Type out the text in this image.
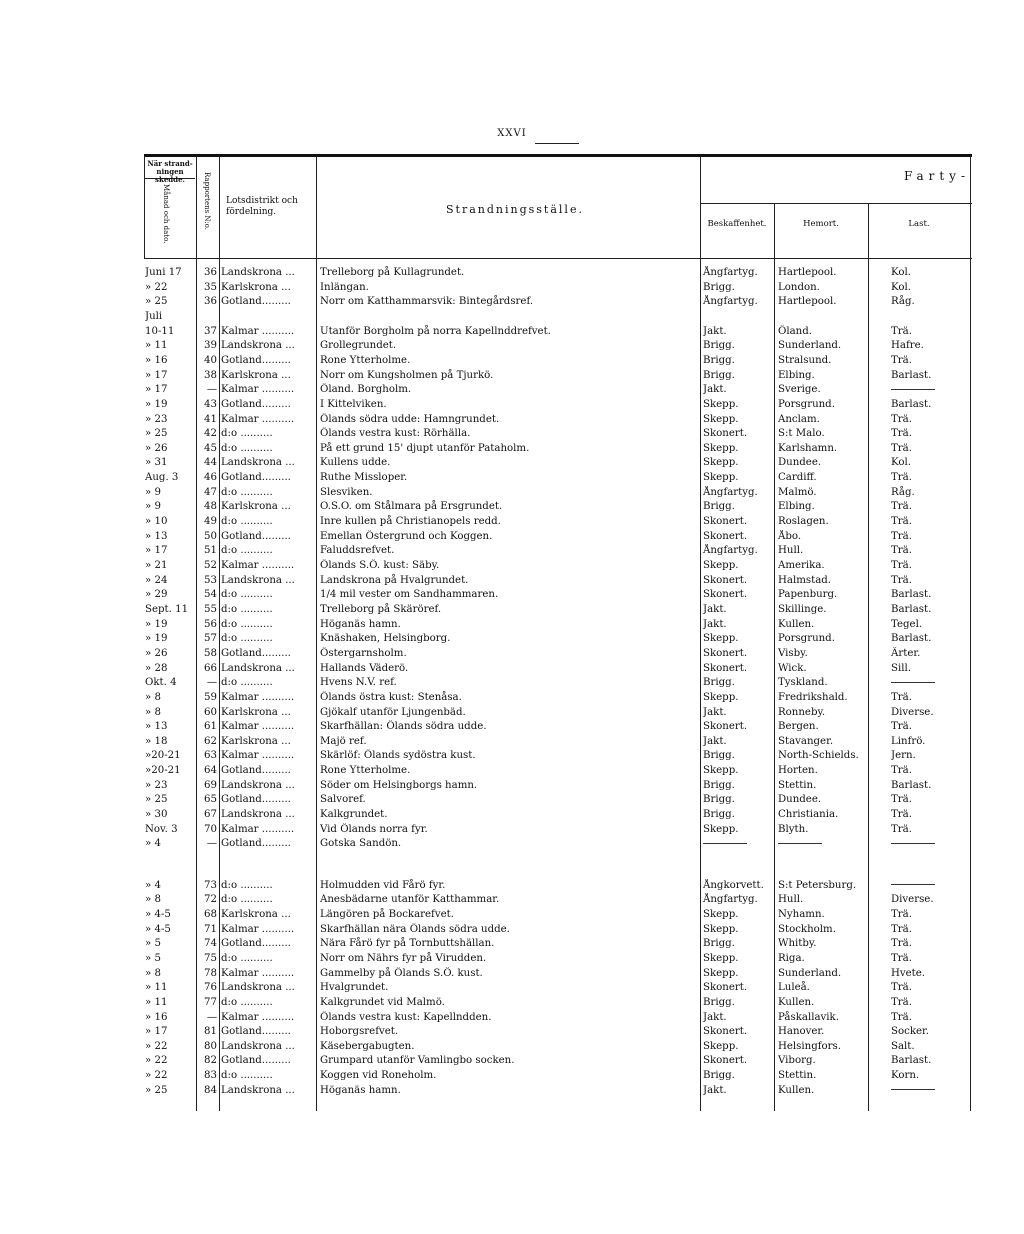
XXVI
När strand-ningen skedde.
Månad och dato.	Rapportens N:o. Lotsdistrikt och fördelning.	Strandningsställe.
Farty-
Beskaffenhet.	Hemort.	Last.
Juni 17	36 Landskrona ...	Trelleborg på Kullagrundet.	Ångfartyg.	Hartlepool.	Kol.
» 22	35 Karlskrona ...	Inlängan.	Brigg.	London.	Kol.
» 25	36 Gotland.........	Norr om Katthammarsvik: Bintegårdsref.	Ångfartyg.	Hartlepool.	Råg.
Juli
10-11	37 Kalmar ..........	Utanför Borgholm på norra Kapellnddrefvet.	Jakt.	Öland.	Trä.
» 11	39 Landskrona ...	Grollegrundet.	Brigg.	Sunderland.	Hafre.
» 16	40 Gotland.........	Rone Ytterholme.	Brigg.	Stralsund.	Trä.
» 17	38 Karlskrona ...	Norr om Kungsholmen på Tjurkö.	Brigg.	Elbing.	Barlast.
» 17	— Kalmar ..........	Öland. Borgholm.	Jakt.	Sverige.
» 19	43 Gotland.........	I Kittelviken.	Skepp.	Porsgrund.	Barlast.
» 23	41 Kalmar ..........	Ölands södra udde: Hamngrundet.	Skepp.	Anclam.	Trä.
» 25	42 d:o ..........	Ölands vestra kust: Rörhälla.	Skonert.	S:t Malo.	Trä.
» 26	45 d:o ..........	På ett grund 15' djupt utanför Pataholm.	Skepp.	Karlshamn.	Trä.
» 31	44 Landskrona ...	Kullens udde.	Skepp.	Dundee.	Kol.
Aug. 3	46 Gotland.........	Ruthe Missloper.	Skepp.	Cardiff.	Trä.
» 9	47 d:o ..........	Slesviken.	Ångfartyg.	Malmö.	Råg.
» 9	48 Karlskrona ...	O.S.O. om Stålmara på Ersgrundet.	Brigg.	Elbing.	Trä.
» 10	49 d:o ..........	Inre kullen på Christianopels redd.	Skonert.	Roslagen.	Trä.
» 13	50 Gotland.........	Emellan Östergrund och Koggen.	Skonert.	Åbo.	Trä.
» 17	51 d:o ..........	Faluddsrefvet.	Ångfartyg.	Hull.	Trä.
» 21	52 Kalmar ..........	Ölands S.Ö. kust: Säby.	Skepp.	Amerika.	Trä.
» 24	53 Landskrona ...	Landskrona på Hvalgrundet.	Skonert.	Halmstad.	Trä.
» 29	54 d:o ..........	1/4 mil vester om Sandhammaren.	Skonert.	Papenburg.	Barlast.
Sept. 11	55 d:o ..........	Trelleborg på Skäröref.	Jakt.	Skillinge.	Barlast.
» 19	56 d:o ..........	Höganäs hamn.	Jakt.	Kullen.	Tegel.
» 19	57 d:o ..........	Knäshaken, Helsingborg.	Skepp.	Porsgrund.	Barlast.
» 26	58 Gotland.........	Östergarnsholm.	Skonert.	Visby.	Ärter.
» 28	66 Landskrona ...	Hallands Väderö.	Skonert.	Wick.	Sill.
Okt. 4	— d:o ..........	Hvens N.V. ref.	Brigg.	Tyskland.
» 8	59 Kalmar ..........	Ölands östra kust: Stenåsa.	Skepp.	Fredrikshald.	Trä.
» 8	60 Karlskrona ...	Gjökalf utanför Ljungenbäd.	Jakt.	Ronneby.	Diverse.
» 13	61 Kalmar ..........	Skarfhällan: Ölands södra udde.	Skonert.	Bergen.	Trä.
» 18	62 Karlskrona ...	Majö ref.	Jakt.	Stavanger.	Linfrö.
»20-21	63 Kalmar ..........	Skärlöf: Ölands sydöstra kust.	Brigg.	North-Schields.	Jern.
»20-21	64 Gotland.........	Rone Ytterholme.	Skepp.	Horten.	Trä.
» 23	69 Landskrona ...	Söder om Helsingborgs hamn.	Brigg.	Stettin.	Barlast.
» 25	65 Gotland.........	Salvoref.	Brigg.	Dundee.	Trä.
» 30	67 Landskrona ...	Kalkgrundet.	Brigg.	Christiania.	Trä.
Nov. 3	70 Kalmar ..........	Vid Ölands norra fyr.	Skepp.	Blyth.	Trä.
» 4	— Gotland.........	Gotska Sandön.
» 4	73 d:o ..........	Holmudden vid Fårö fyr.	Ångkorvett.	S:t Petersburg.
» 8	72 d:o ..........	Anesbädarne utanför Katthammar.	Ångfartyg.	Hull.	Diverse.
» 4-5	68 Karlskrona ...	Längören på Bockarefvet.	Skepp.	Nyhamn.	Trä.
» 4-5	71 Kalmar ..........	Skarfhällan nära Ölands södra udde.	Skepp.	Stockholm.	Trä.
» 5	74 Gotland.........	Nära Fårö fyr på Tornbuttshällan.	Brigg.	Whitby.	Trä.
» 5	75 d:o ..........	Norr om Nährs fyr på Virudden.	Skepp.	Riga.	Trä.
» 8	78 Kalmar ..........	Gammelby på Ölands S.Ö. kust.	Skepp.	Sunderland.	Hvete.
» 11	76 Landskrona ...	Hvalgrundet.	Skonert.	Luleå.	Trä.
» 11	77 d:o ..........	Kalkgrundet vid Malmö.	Brigg.	Kullen.	Trä.
» 16	— Kalmar ..........	Ölands vestra kust: Kapellndden.	Jakt.	Påskallavik.	Trä.
» 17	81 Gotland.........	Hoborgsrefvet.	Skonert.	Hanover.	Socker.
» 22	80 Landskrona ...	Käsebergabugten.	Skepp.	Helsingfors.	Salt.
» 22	82 Gotland.........	Grumpard utanför Vamlingbo socken.	Skonert.	Viborg.	Barlast.
» 22	83 d:o ..........	Koggen vid Roneholm.	Brigg.	Stettin.	Korn.
» 25	84 Landskrona ...	Höganäs hamn.	Jakt.	Kullen.
